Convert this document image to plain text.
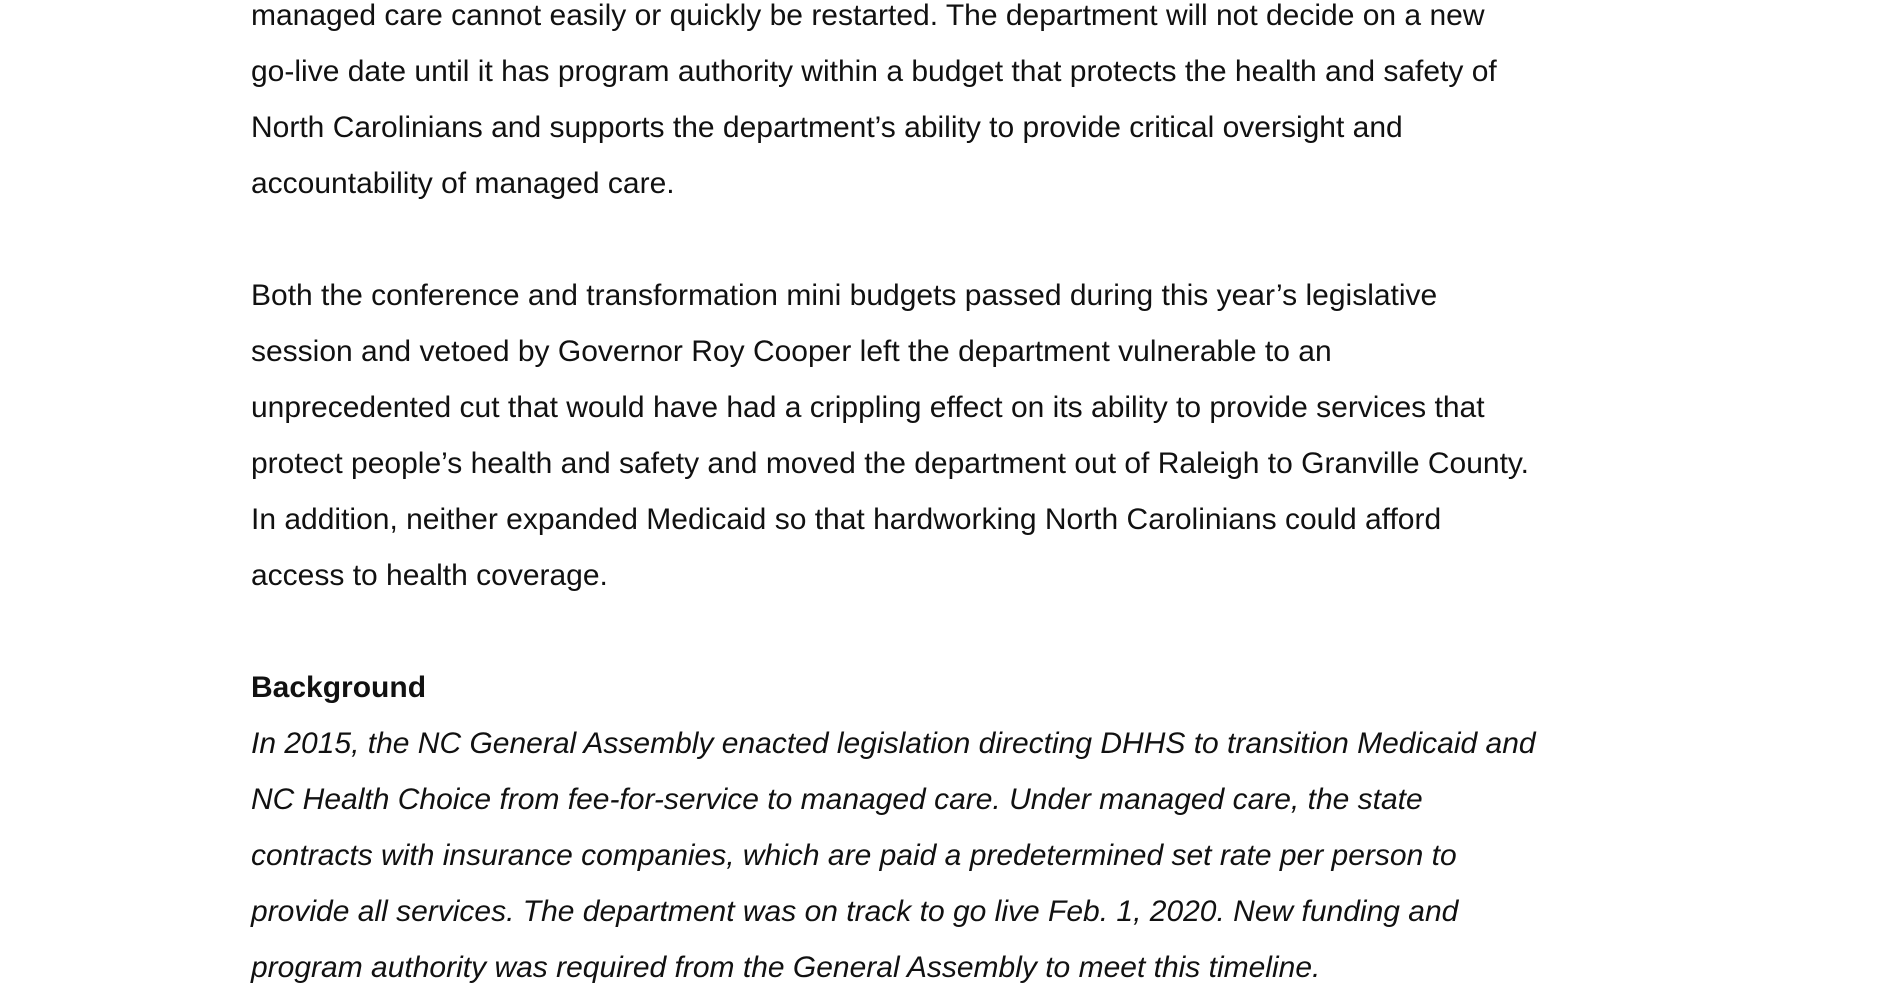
managed care cannot easily or quickly be restarted. The department will not decide on a new
go-live date until it has program authority within a budget that protects the health and safety of
North Carolinians and supports the department’s ability to provide critical oversight and
accountability of managed care.
Both the conference and transformation mini budgets passed during this year’s legislative
session and vetoed by Governor Roy Cooper left the department vulnerable to an
unprecedented cut that would have had a crippling effect on its ability to provide services that
protect people’s health and safety and moved the department out of Raleigh to Granville County.
In addition, neither expanded Medicaid so that hardworking North Carolinians could afford
access to health coverage.
Background
In 2015, the NC General Assembly enacted legislation directing DHHS to transition Medicaid and
NC Health Choice from fee-for-service to managed care. Under managed care, the state
contracts with insurance companies, which are paid a predetermined set rate per person to
provide all services. The department was on track to go live Feb. 1, 2020. New funding and
program authority was required from the General Assembly to meet this timeline.
